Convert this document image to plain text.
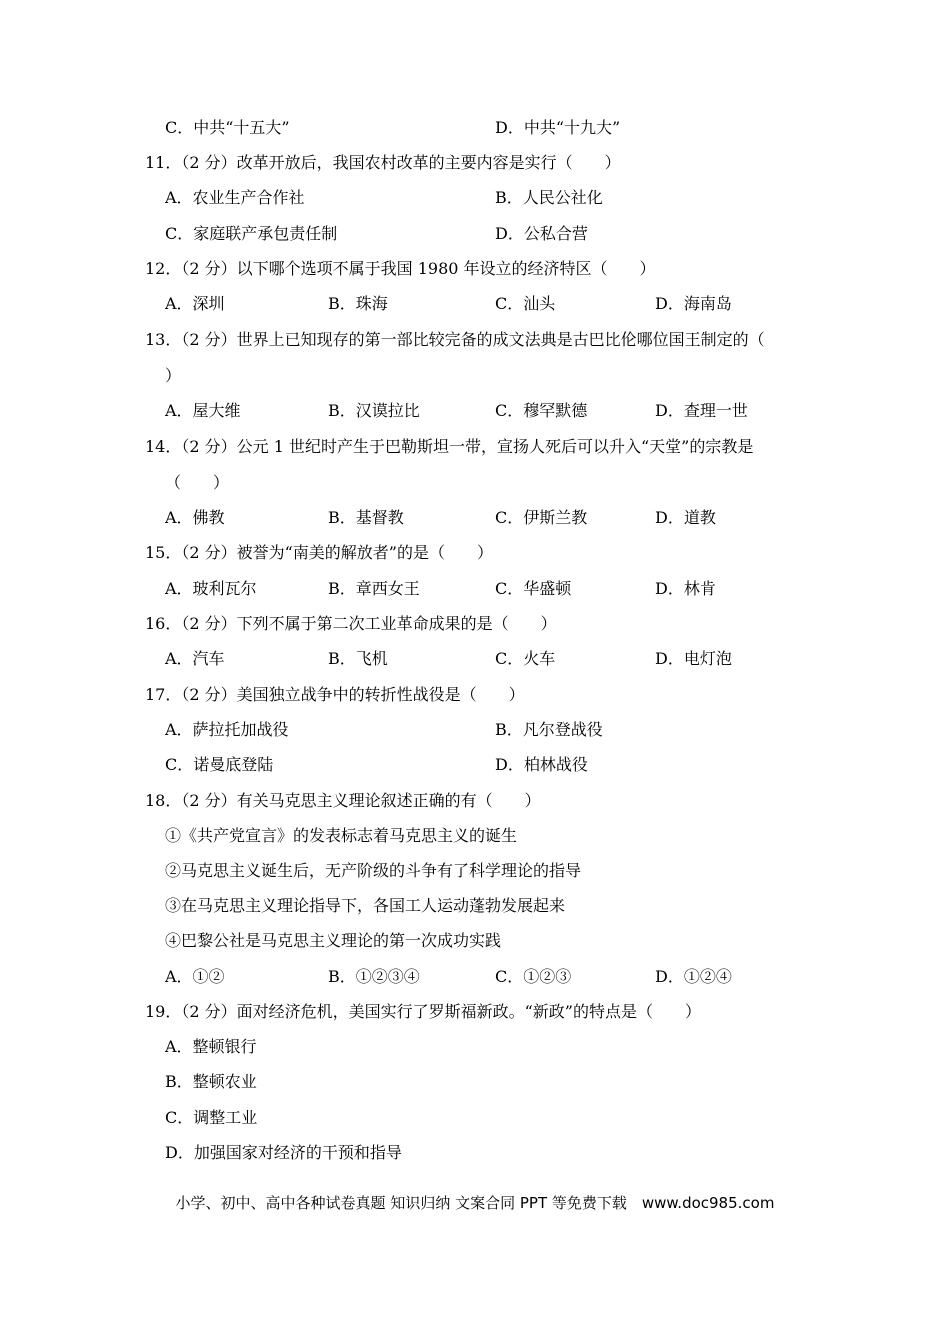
C．中共“十五大”	D．中共“十九大”
11．（2 分）改革开放后，我国农村改革的主要内容是实行（　　）
A．农业生产合作社	B．人民公社化
C．家庭联产承包责任制	D．公私合营
12．（2 分）以下哪个选项不属于我国 1980 年设立的经济特区（　　）
A．深圳	B．珠海	C．汕头	D．海南岛
13．（2 分）世界上已知现存的第一部比较完备的成文法典是古巴比伦哪位国王制定的（
）
A．屋大维	B．汉谟拉比	C．穆罕默德	D．查理一世
14．（2 分）公元 1 世纪时产生于巴勒斯坦一带，宣扬人死后可以升入“天堂”的宗教是
（　　）
A．佛教	B．基督教	C．伊斯兰教	D．道教
15．（2 分）被誉为“南美的解放者”的是（　　）
A．玻利瓦尔	B．章西女王	C．华盛顿	D．林肯
16．（2 分）下列不属于第二次工业革命成果的是（　　）
A．汽车	B．飞机	C．火车	D．电灯泡
17．（2 分）美国独立战争中的转折性战役是（　　）
A．萨拉托加战役	B．凡尔登战役
C．诺曼底登陆	D．柏林战役
18．（2 分）有关马克思主义理论叙述正确的有（　　）
①《共产党宣言》的发表标志着马克思主义的诞生
②马克思主义诞生后，无产阶级的斗争有了科学理论的指导
③在马克思主义理论指导下，各国工人运动蓬勃发展起来
④巴黎公社是马克思主义理论的第一次成功实践
A．①②	B．①②③④	C．①②③	D．①②④
19．（2 分）面对经济危机，美国实行了罗斯福新政。“新政”的特点是（　　）
A．整顿银行
B．整顿农业
C．调整工业
D．加强国家对经济的干预和指导
小学、初中、高中各种试卷真题 知识归纳 文案合同 PPT 等免费下载　www.doc985.com
